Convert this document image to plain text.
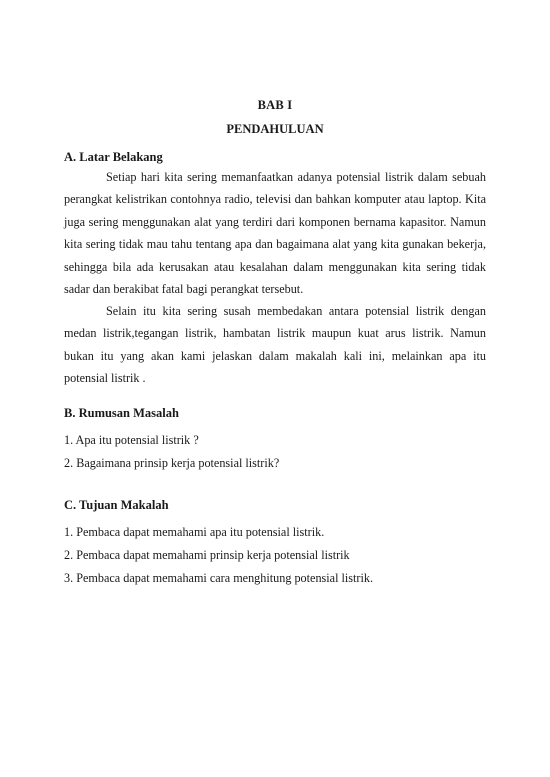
BAB I
PENDAHULUAN
A. Latar Belakang

Setiap hari kita sering memanfaatkan adanya potensial listrik dalam sebuah perangkat kelistrikan contohnya radio, televisi dan bahkan komputer atau laptop. Kita juga sering menggunakan alat yang terdiri dari komponen bernama kapasitor. Namun kita sering tidak mau tahu tentang apa dan bagaimana alat yang kita gunakan bekerja, sehingga bila ada kerusakan atau kesalahan dalam menggunakan kita sering tidak sadar dan berakibat fatal bagi perangkat tersebut.

Selain itu kita sering susah membedakan antara potensial listrik dengan medan listrik,tegangan listrik, hambatan listrik maupun kuat arus listrik. Namun bukan itu yang akan kami jelaskan dalam makalah kali ini, melainkan apa itu potensial listrik .

B. Rumusan Masalah
1. Apa itu potensial listrik ?
2. Bagaimana prinsip kerja potensial listrik?
C. Tujuan Makalah
1. Pembaca dapat memahami apa itu potensial listrik.
2. Pembaca dapat memahami prinsip kerja potensial listrik
3. Pembaca dapat memahami cara menghitung potensial listrik.
